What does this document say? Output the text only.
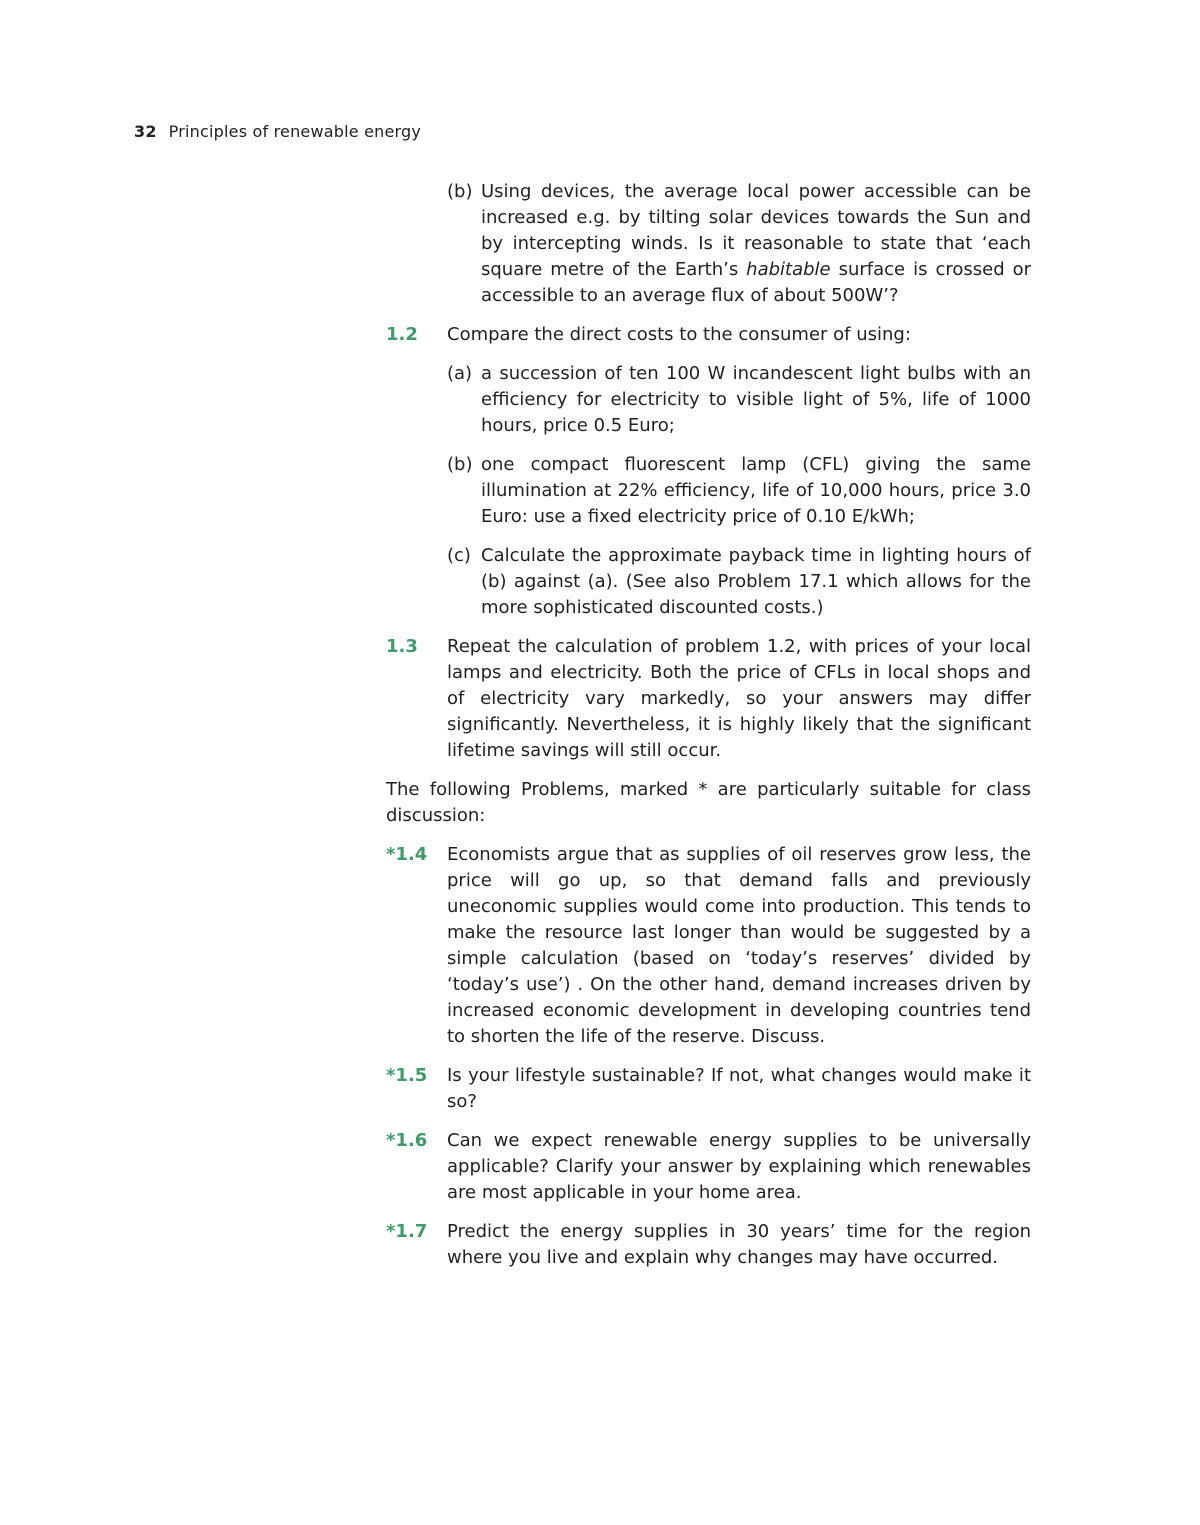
32 Principles of renewable energy
(b) Using devices, the average local power accessible can be increased e.g. by tilting solar devices towards the Sun and by intercepting winds. Is it reasonable to state that ‘each square metre of the Earth’s habitable surface is crossed or accessible to an average flux of about 500W’?
1.2	Compare the direct costs to the consumer of using:
(a) a succession of ten 100 W incandescent light bulbs with an efficiency for electricity to visible light of 5%, life of 1000 hours, price 0.5 Euro;
(b) one compact fluorescent lamp (CFL) giving the same illumination at 22% efficiency, life of 10,000 hours, price 3.0 Euro: use a fixed electricity price of 0.10 E/kWh;
(c) Calculate the approximate payback time in lighting hours of (b) against (a). (See also Problem 17.1 which allows for the more sophisticated discounted costs.)
1.3	Repeat the calculation of problem 1.2, with prices of your local lamps and electricity. Both the price of CFLs in local shops and of electricity vary markedly, so your answers may differ significantly. Nevertheless, it is highly likely that the significant lifetime savings will still occur.

The following Problems, marked * are particularly suitable for class discussion:

*1.4	Economists argue that as supplies of oil reserves grow less, the price will go up, so that demand falls and previously uneconomic supplies would come into production. This tends to make the resource last longer than would be suggested by a simple calculation (based on ‘today’s reserves’ divided by ‘today’s use’) . On the other hand, demand increases driven by increased economic development in developing countries tend to shorten the life of the reserve. Discuss.
*1.5	Is your lifestyle sustainable? If not, what changes would make it so?
*1.6	Can we expect renewable energy supplies to be universally applicable? Clarify your answer by explaining which renewables are most applicable in your home area.
*1.7	Predict the energy supplies in 30 years’ time for the region where you live and explain why changes may have occurred.
